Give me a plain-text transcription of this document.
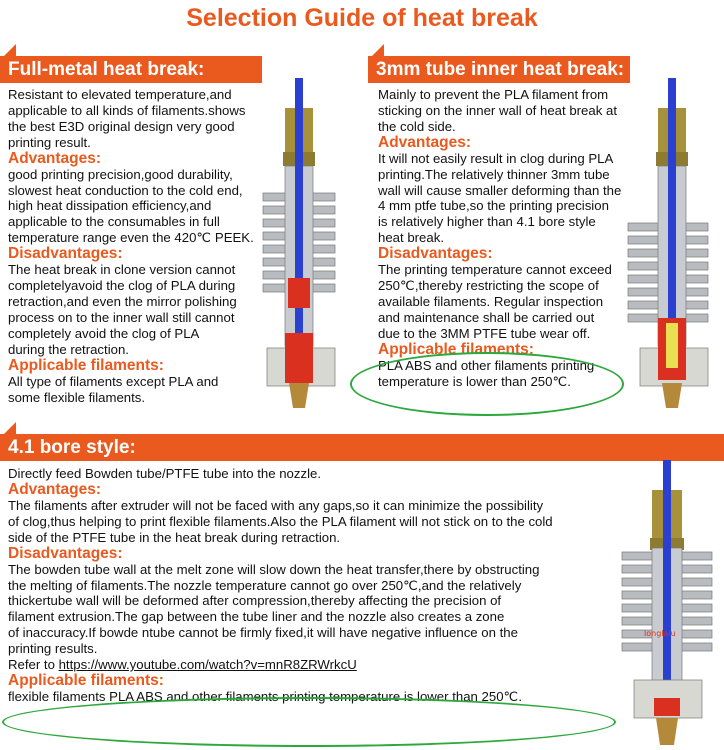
Selection Guide of heat break
Full-metal heat break:

Resistant to elevated temperature,and

applicable to all kinds of filaments.shows

the best E3D original design very good

printing result.

Advantages:

good printing precision,good durability,

slowest heat conduction to the cold end,

high heat dissipation efficiency,and

applicable to the consumables in full

temperature range even the 420℃ PEEK.

Disadvantages:

The heat break in clone version cannot

completelyavoid the clog of PLA during

retraction,and even the mirror polishing

process on to the inner wall still cannot

completely avoid the clog of PLA

during the retraction.

Applicable filaments:

All type of filaments except PLA and

some flexible filaments.

3mm tube inner heat break:

Mainly to prevent the PLA filament from

sticking on the inner wall of heat break at

the cold side.

Advantages:

It will not easily result in clog during PLA

printing.The relatively thinner 3mm tube

wall will cause smaller deforming than the

4 mm ptfe tube,so the printing precision

is relatively higher than 4.1 bore style

heat break.

Disadvantages:

The printing temperature cannot exceed

250℃,thereby restricting the scope of

available filaments. Regular inspection

and maintenance shall be carried out

due to the 3MM PTFE tube wear off.

Applicable filaments:

PLA ABS and other filaments printing

temperature is lower than 250℃.

4.1 bore style:

Directly feed Bowden tube/PTFE tube into the nozzle.

Advantages:

The filaments after extruder will not be faced with any gaps,so it can minimize the possibility

of clog,thus helping to print flexible filaments.Also the PLA filament will not stick on to the cold

side of the PTFE tube in the heat break during retraction.

Disadvantages:

The bowden tube wall at the melt zone will slow down the heat transfer,there by obstructing

the melting of filaments.The nozzle temperature cannot go over 250℃,and the relatively

thickertube wall will be deformed after compression,thereby affecting the precision of

filament extrusion.The gap between the tube liner and the nozzle also creates a zone

of inaccuracy.If bowde ntube cannot be firmly fixed,it will have negative influence on the

printing results.

Refer to https://www.youtube.com/watch?v=mnR8ZRWrkcU

Applicable filaments:

flexible filaments PLA ABS and other filaments printing temperature is lower than 250℃.

longlaiu
